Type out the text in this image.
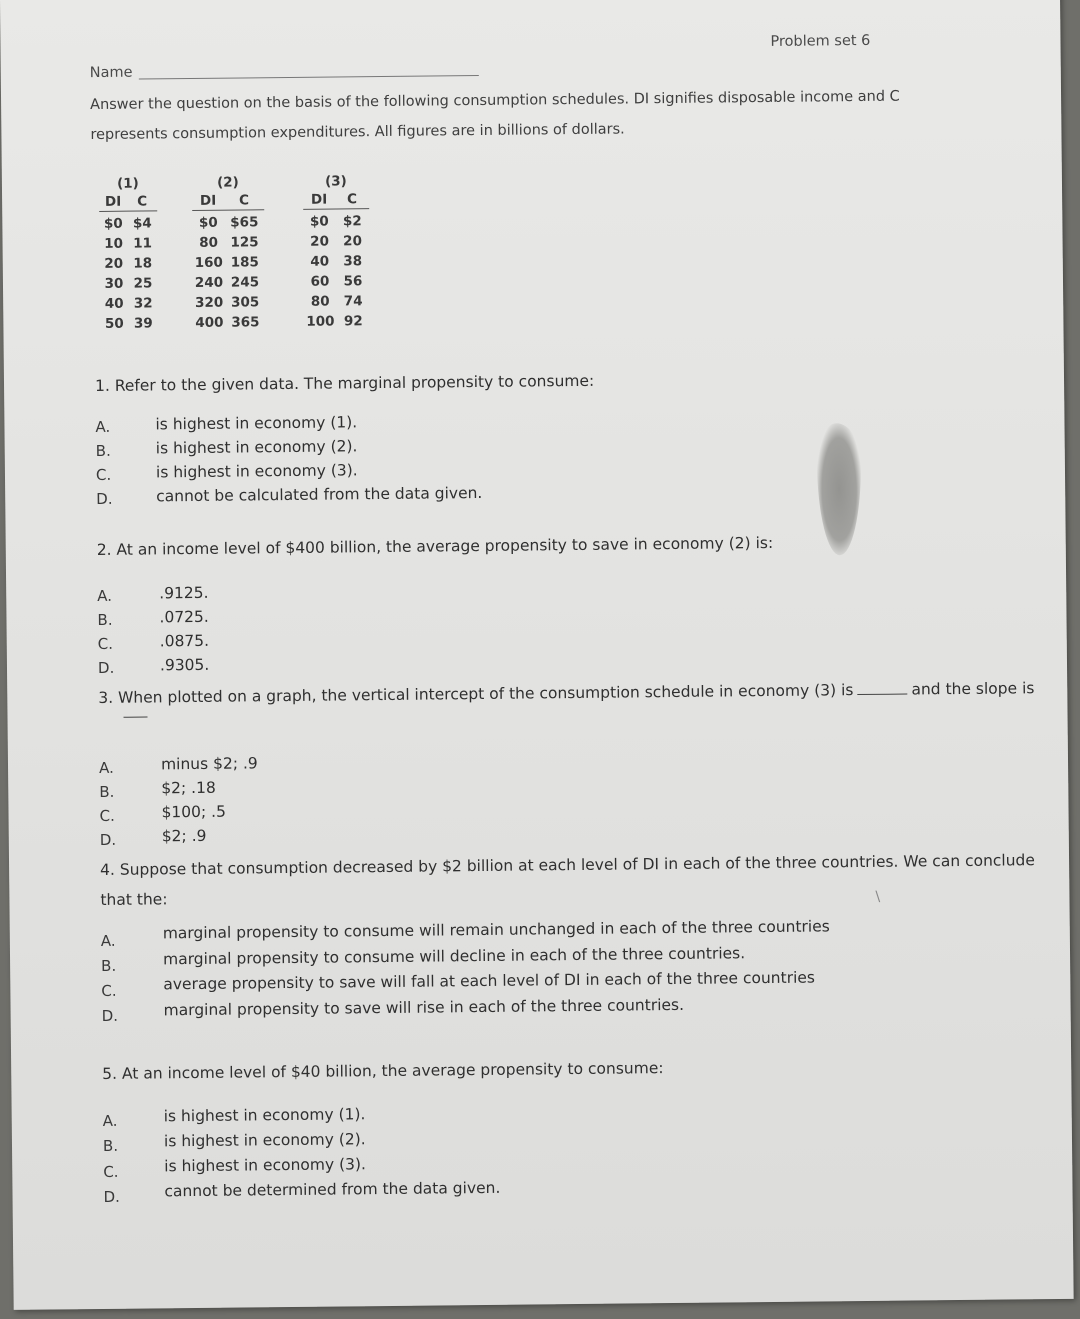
Problem set 6
Name
Answer the question on the basis of the following consumption schedules. DI signifies disposable income and C
represents consumption expenditures. All figures are in billions of dollars.
(1)
DI	C
$0 $4
10 11
20 18
30 25
40 32
50 39
(2)
DI	C
$0 $65
80 125
160 185
240 245
320 305
400 365
(3)
DI	C
$0	$2
20	20
40	38
60	56
80	74
100 92
1. Refer to the given data. The marginal propensity to consume:
A.	is highest in economy (1).
B.	is highest in economy (2).
C.	is highest in economy (3).
D.	cannot be calculated from the data given.
2. At an income level of $400 billion, the average propensity to save in economy (2) is:
A.	.9125.
B.	.0725.
C.	.0875.
D.	.9305.
3. When plotted on a graph, the vertical intercept of the consumption schedule in economy (3) is	and the slope is
A.	minus $2; .9
B.	$2; .18
C.	$100; .5
D.	$2; .9
4. Suppose that consumption decreased by $2 billion at each level of DI in each of the three countries. We can conclude
that the:
A.	marginal propensity to consume will remain unchanged in each of the three countries
B.	marginal propensity to consume will decline in each of the three countries.
C.	average propensity to save will fall at each level of DI in each of the three countries
D.	marginal propensity to save will rise in each of the three countries.
\
5. At an income level of $40 billion, the average propensity to consume:
A.	is highest in economy (1).
B.	is highest in economy (2).
C.	is highest in economy (3).
D.	cannot be determined from the data given.
